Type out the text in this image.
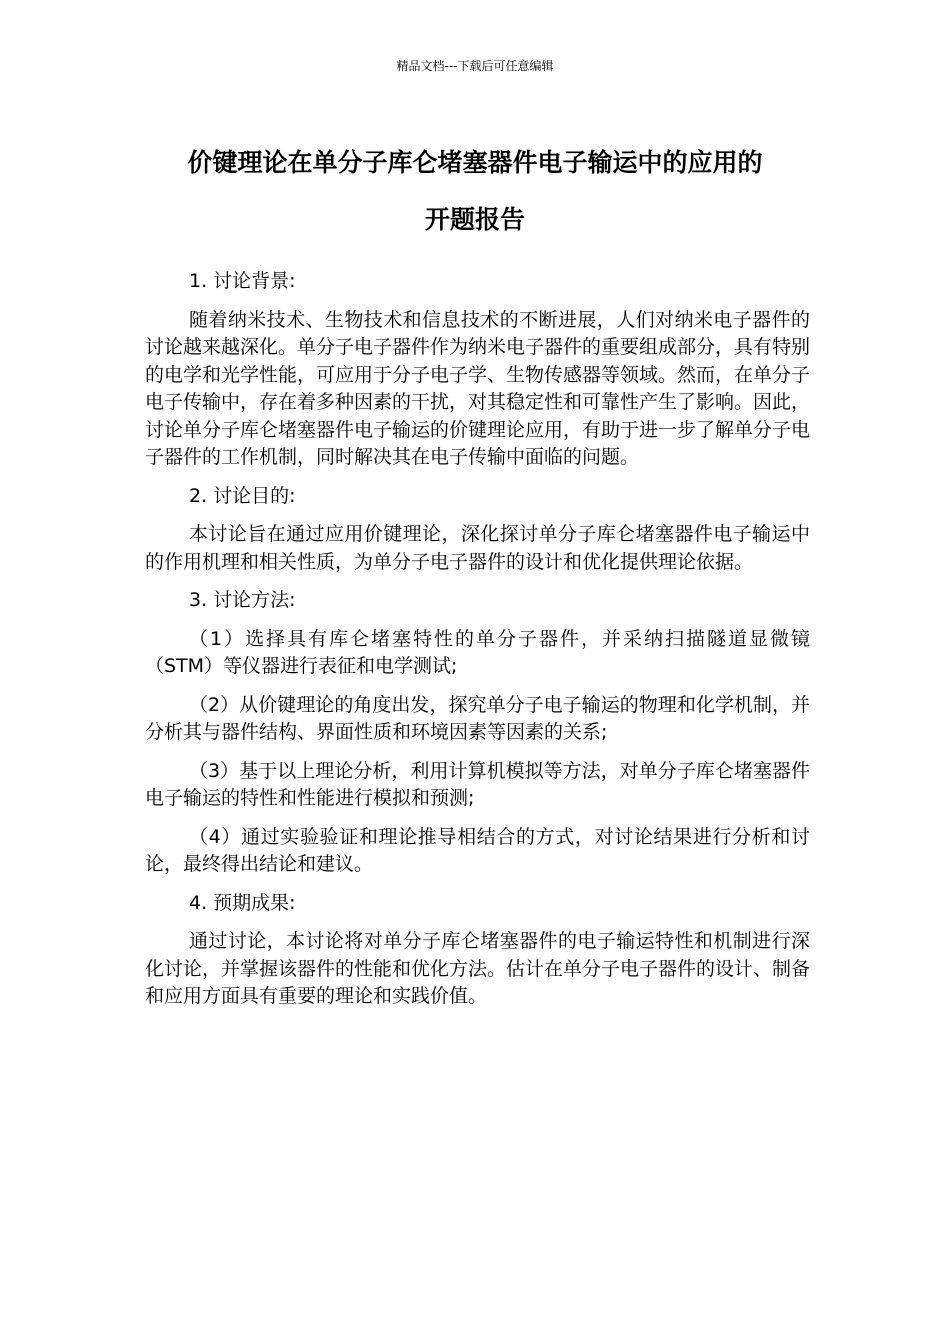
精品文档---下载后可任意编辑
价键理论在单分子库仑堵塞器件电子输运中的应用的
开题报告
1. 讨论背景:
随着纳米技术、生物技术和信息技术的不断进展，人们对纳米电子器件的讨论越来越深化。单分子电子器件作为纳米电子器件的重要组成部分，具有特别的电学和光学性能，可应用于分子电子学、生物传感器等领域。然而，在单分子电子传输中，存在着多种因素的干扰，对其稳定性和可靠性产生了影响。因此，讨论单分子库仑堵塞器件电子输运的价键理论应用，有助于进一步了解单分子电子器件的工作机制，同时解决其在电子传输中面临的问题。
2. 讨论目的:
本讨论旨在通过应用价键理论，深化探讨单分子库仑堵塞器件电子输运中的作用机理和相关性质，为单分子电子器件的设计和优化提供理论依据。
3. 讨论方法:
（1）选择具有库仑堵塞特性的单分子器件，并采纳扫描隧道显微镜（STM）等仪器进行表征和电学测试;
（2）从价键理论的角度出发，探究单分子电子输运的物理和化学机制，并分析其与器件结构、界面性质和环境因素等因素的关系;
（3）基于以上理论分析，利用计算机模拟等方法，对单分子库仑堵塞器件电子输运的特性和性能进行模拟和预测;
（4）通过实验验证和理论推导相结合的方式，对讨论结果进行分析和讨论，最终得出结论和建议。
4. 预期成果:
通过讨论，本讨论将对单分子库仑堵塞器件的电子输运特性和机制进行深化讨论，并掌握该器件的性能和优化方法。估计在单分子电子器件的设计、制备和应用方面具有重要的理论和实践价值。
